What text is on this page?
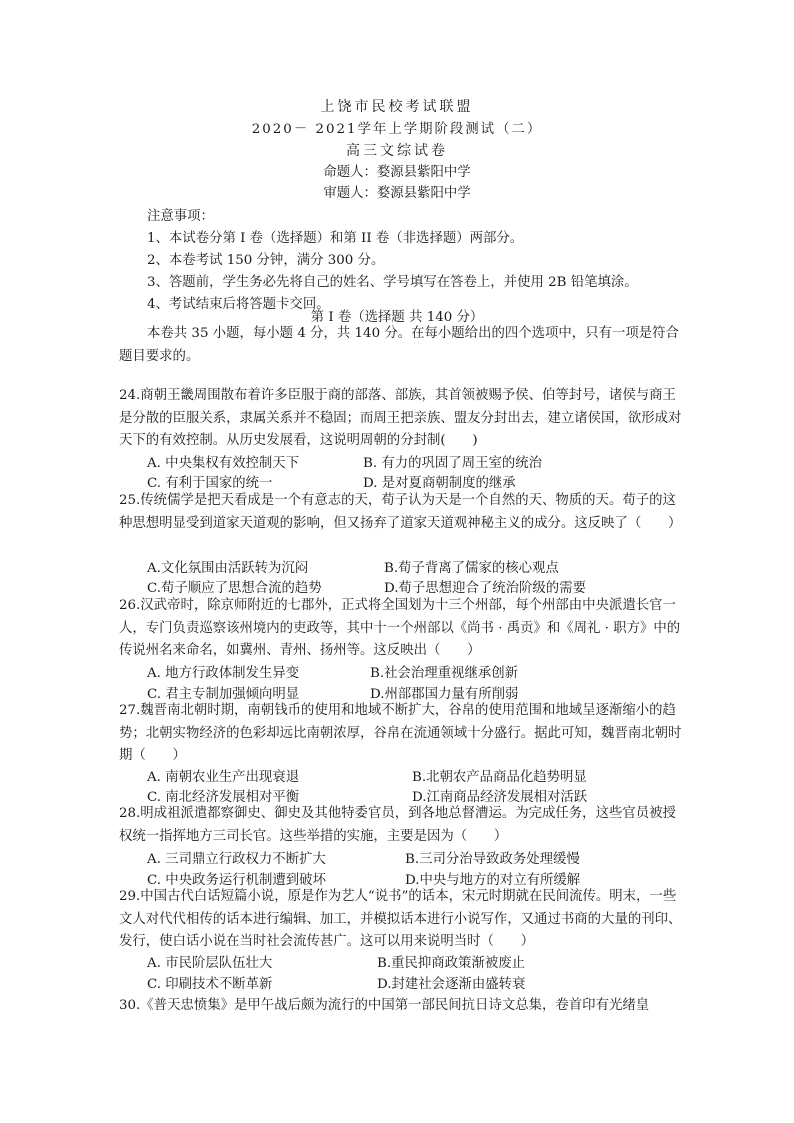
上饶市民校考试联盟
2020－ 2021学年上学期阶段测试（二）
高三文综试卷
命题人：婺源县紫阳中学
审题人：婺源县紫阳中学
注意事项：
1、本试卷分第 I 卷（选择题）和第 II 卷（非选择题）两部分。
2、本卷考试 150 分钟，满分 300 分。
3、答题前，学生务必先将自己的姓名、学号填写在答卷上，并使用 2B 铅笔填涂。
4、考试结束后将答题卡交回。
第 I 卷（选择题 共 140 分）
本卷共 35 小题，每小题 4 分，共 140 分。在每小题给出的四个选项中，只有一项是符合题目要求的。
24.商朝王畿周围散布着许多臣服于商的部落、部族，其首领被赐予侯、伯等封号，诸侯与商王是分散的臣服关系，隶属关系并不稳固；而周王把亲族、盟友分封出去，建立诸侯国，欲形成对天下的有效控制。从历史发展看，这说明周朝的分封制(　　)
A. 中央集权有效控制天下	B. 有力的巩固了周王室的统治
C. 有利于国家的统一	D. 是对夏商朝制度的继承
25.传统儒学是把天看成是一个有意志的天，荀子认为天是一个自然的天、物质的天。荀子的这种思想明显受到道家天道观的影响，但又扬弃了道家天道观神秘主义的成分。这反映了（　　）
A.文化氛围由活跃转为沉闷	B.荀子背离了儒家的核心观点
C.荀子顺应了思想合流的趋势	D.荀子思想迎合了统治阶级的需要
26.汉武帝时，除京师附近的七郡外，正式将全国划为十三个州部，每个州部由中央派遣长官一人，专门负责巡察该州境内的吏政等，其中十一个州部以《尚书 · 禹贡》和《周礼 · 职方》中的传说州名来命名，如冀州、青州、扬州等。这反映出（　　）
A. 地方行政体制发生异变	B.社会治理重视继承创新
C. 君主专制加强倾向明显	D.州部郡国力量有所削弱
27.魏晋南北朝时期，南朝钱币的使用和地域不断扩大，谷帛的使用范围和地域呈逐渐缩小的趋势；北朝实物经济的色彩却远比南朝浓厚，谷帛在流通领域十分盛行。据此可知，魏晋南北朝时期（　　）
A. 南朝农业生产出现衰退	B.北朝农产品商品化趋势明显
C. 南北经济发展相对平衡	D.江南商品经济发展相对活跃
28.明成祖派遣都察御史、御史及其他特委官员，到各地总督漕运。为完成任务，这些官员被授权统一指挥地方三司长官。这些举措的实施，主要是因为（　　）
A. 三司鼎立行政权力不断扩大	B.三司分治导致政务处理缓慢
C. 中央政务运行机制遭到破坏	D.中央与地方的对立有所缓解
29.中国古代白话短篇小说，原是作为艺人“说书”的话本，宋元时期就在民间流传。明末，一些文人对代代相传的话本进行编辑、加工，并模拟话本进行小说写作，又通过书商的大量的刊印、发行，使白话小说在当时社会流传甚广。这可以用来说明当时（　　）
A. 市民阶层队伍壮大	B.重民抑商政策渐被废止
C. 印刷技术不断革新	D.封建社会逐渐由盛转衰
30.《普天忠愤集》是甲午战后颇为流行的中国第一部民间抗日诗文总集，卷首印有光绪皇
